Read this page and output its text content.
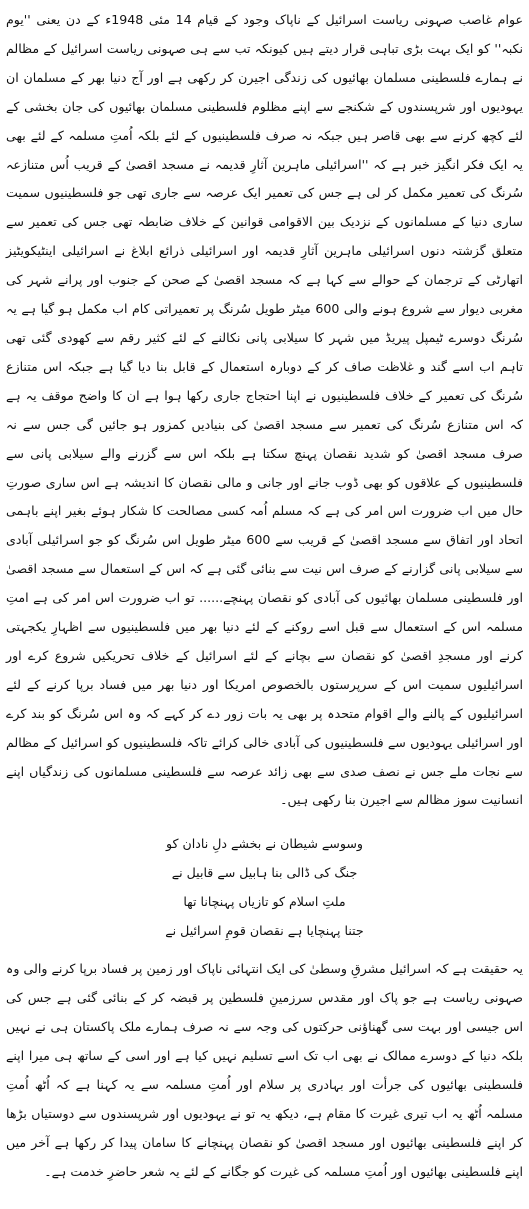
عوام غاصب صہونی ریاست اسرائیل کے ناپاک وجود کے قیام 14 مئی 1948ء کے دن یعنی ''یوم نکبہ'' کو ایک بہت بڑی تباہی قرار دیتے ہیں کیونکہ تب سے ہی صہونی ریاست اسرائیل کے مظالم نے ہمارے فلسطینی مسلمان بھائیوں کی زندگی اجیرن کر رکھی ہے اور آج دنیا بھر کے مسلمان ان یہودیوں اور شرپسندوں کے شکنجے سے اپنے مظلوم فلسطینی مسلمان بھائیوں کی جان بخشی کے لئے کچھ کرنے سے بھی قاصر ہیں جبکہ نہ صرف فلسطینیوں کے لئے بلکہ اُمتِ مسلمہ کے لئے بھی یہ ایک فکر انگیز خبر ہے کہ ''اسرائیلی ماہرین آثارِ قدیمہ نے مسجد اقصیٰ کے قریب اُس متنازعہ سُرنگ کی تعمیر مکمل کر لی ہے جس کی تعمیر ایک عرصہ سے جاری تھی جو فلسطینیوں سمیت ساری دنیا کے مسلمانوں کے نزدیک بین الاقوامی قوانین کے خلاف ضابطہ تھی جس کی تعمیر سے متعلق گزشتہ دنوں اسرائیلی ماہرین آثارِ قدیمہ اور اسرائیلی ذرائع ابلاغ نے اسرائیلی اینٹیکویٹیز اتھارٹی کے ترجمان کے حوالے سے کہا ہے کہ مسجد اقصیٰ کے صحن کے جنوب اور پرانے شہر کی مغربی دیوار سے شروع ہونے والی 600 میٹر طویل سُرنگ پر تعمیراتی کام اب مکمل ہو گیا ہے یہ سُرنگ دوسرے ٹیمپل پیریڈ میں شہر کا سیلابی پانی نکالنے کے لئے کثیر رقم سے کھودی گئی تھی تاہم اب اسے گند و غلاظت صاف کر کے دوبارہ استعمال کے قابل بنا دیا گیا ہے جبکہ اس متنازع سُرنگ کی تعمیر کے خلاف فلسطینیوں نے اپنا احتجاج جاری رکھا ہوا ہے ان کا واضح موقف یہ ہے کہ اس متنازع سُرنگ کی تعمیر سے مسجد اقصیٰ کی بنیادیں کمزور ہو جائیں گی جس سے نہ صرف مسجد اقصیٰ کو شدید نقصان پہنچ سکتا ہے بلکہ اس سے گزرنے والے سیلابی پانی سے فلسطینیوں کے علاقوں کو بھی ڈوب جانے اور جانی و مالی نقصان کا اندیشہ ہے اس ساری صورتِ حال میں اب ضرورت اس امر کی ہے کہ مسلم اُمہ کسی مصالحت کا شکار ہوئے بغیر اپنے باہمی اتحاد اور اتفاق سے مسجد اقصیٰ کے قریب سے 600 میٹر طویل اس سُرنگ کو جو اسرائیلی آبادی سے سیلابی پانی گزارنے کے صرف اس نیت سے بنائی گئی ہے کہ اس کے استعمال سے مسجد اقصیٰ اور فلسطینی مسلمان بھائیوں کی آبادی کو نقصان پہنچے...... تو اب ضرورت اس امر کی ہے امتِ مسلمہ اس کے استعمال سے قبل اسے روکنے کے لئے دنیا بھر میں فلسطینیوں سے اظہارِ یکجہتی کرنے اور مسجدِ اقصیٰ کو نقصان سے بچانے کے لئے اسرائیل کے خلاف تحریکیں شروع کرے اور اسرائیلیوں سمیت اس کے سرپرستوں بالخصوص امریکا اور دنیا بھر میں فساد برپا کرنے کے لئے اسرائیلیوں کے پالنے والے اقوام متحدہ پر بھی یہ بات زور دے کر کہے کہ وہ اس سُرنگ کو بند کرے اور اسرائیلی یہودیوں سے فلسطینیوں کی آبادی خالی کرائے تاکہ فلسطینیوں کو اسرائیل کے مظالم سے نجات ملے جس نے نصف صدی سے بھی زائد عرصہ سے فلسطینی مسلمانوں کی زندگیاں اپنے انسانیت سوز مظالم سے اجیرن بنا رکھی ہیں۔

وسوسے شیطان نے بخشے دلِ نادان کو
جنگ کی ڈالی بنا ہابیل سے قابیل نے
ملتِ اسلام کو تازیاں پہنچانا تھا
جتنا پہنچایا ہے نقصان قومِ اسرائیل نے

یہ حقیقت ہے کہ اسرائیل مشرقِ وسطیٰ کی ایک انتہائی ناپاک اور زمین پر فساد برپا کرنے والی وہ صہونی ریاست ہے جو پاک اور مقدس سرزمینِ فلسطین پر قبضہ کر کے بنائی گئی ہے جس کی اس جیسی اور بہت سی گھناؤنی حرکتوں کی وجہ سے نہ صرف ہمارے ملک پاکستان ہی نے نہیں بلکہ دنیا کے دوسرے ممالک نے بھی اب تک اسے تسلیم نہیں کیا ہے اور اسی کے ساتھ ہی میرا اپنے فلسطینی بھائیوں کی جرأت اور بہادری پر سلام اور اُمتِ مسلمہ سے یہ کہنا ہے کہ اُٹھ اُمتِ مسلمہ اُٹھ یہ اب تیری غیرت کا مقام ہے، دیکھ یہ تو نے یہودیوں اور شرپسندوں سے دوستیاں بڑھا کر اپنے فلسطینی بھائیوں اور مسجد اقصیٰ کو نقصان پہنچانے کا سامان پیدا کر رکھا ہے آخر میں اپنے فلسطینی بھائیوں اور اُمتِ مسلمہ کی غیرت کو جگانے کے لئے یہ شعر حاضرِ خدمت ہے۔
